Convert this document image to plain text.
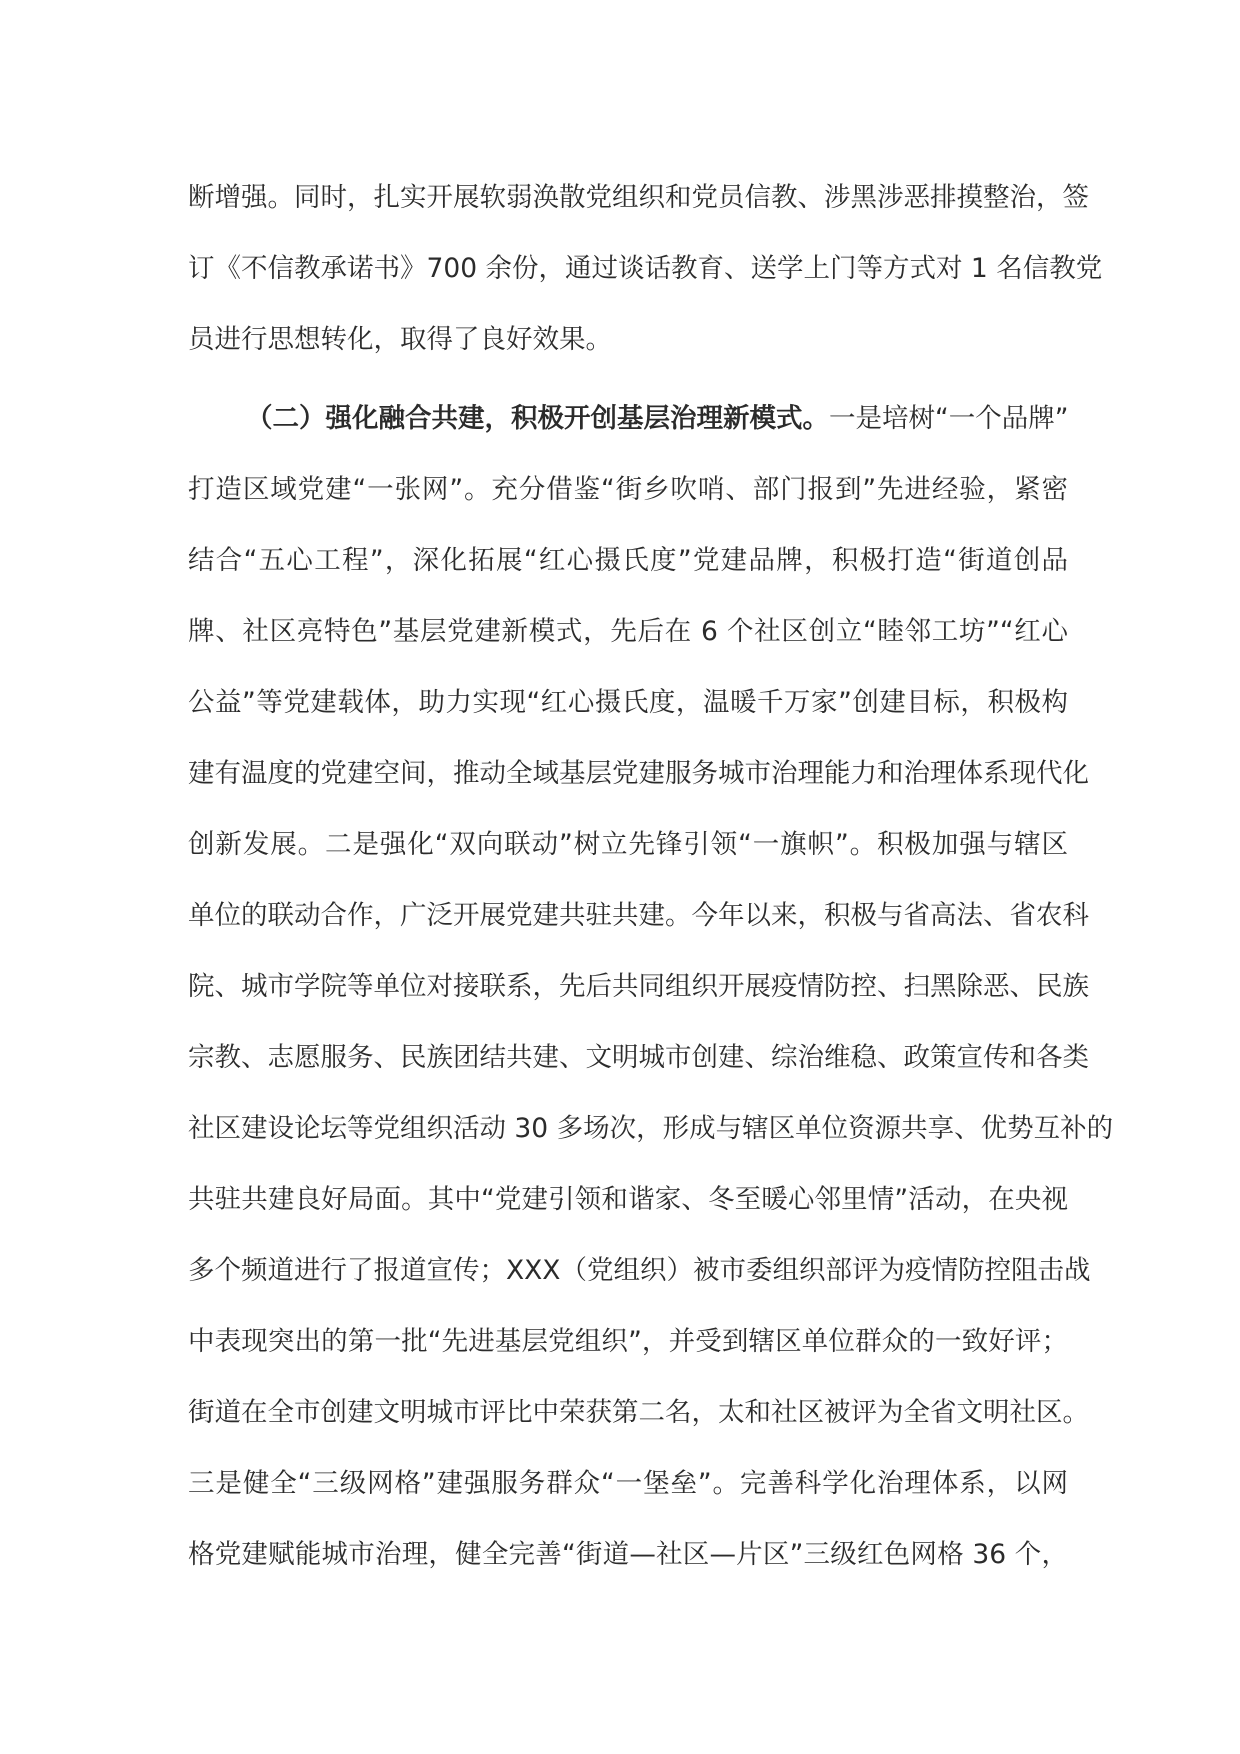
断增强。同时，扎实开展软弱涣散党组织和党员信教、涉黑涉恶排摸整治，签
订《不信教承诺书》700 余份，通过谈话教育、送学上门等方式对 1 名信教党
员进行思想转化，取得了良好效果。
（二）强化融合共建，积极开创基层治理新模式。一是培树“一个品牌”
打造区域党建“一张网”。充分借鉴“街乡吹哨、部门报到”先进经验，紧密
结合“五心工程”，深化拓展“红心摄氏度”党建品牌，积极打造“街道创品
牌、社区亮特色”基层党建新模式，先后在 6 个社区创立“睦邻工坊”“红心
公益”等党建载体，助力实现“红心摄氏度，温暖千万家”创建目标，积极构
建有温度的党建空间，推动全域基层党建服务城市治理能力和治理体系现代化
创新发展。二是强化“双向联动”树立先锋引领“一旗帜”。积极加强与辖区
单位的联动合作，广泛开展党建共驻共建。今年以来，积极与省高法、省农科
院、城市学院等单位对接联系，先后共同组织开展疫情防控、扫黑除恶、民族
宗教、志愿服务、民族团结共建、文明城市创建、综治维稳、政策宣传和各类
社区建设论坛等党组织活动 30 多场次，形成与辖区单位资源共享、优势互补的
共驻共建良好局面。其中“党建引领和谐家、冬至暖心邻里情”活动，在央视
多个频道进行了报道宣传；XXX（党组织）被市委组织部评为疫情防控阻击战
中表现突出的第一批“先进基层党组织”，并受到辖区单位群众的一致好评；
街道在全市创建文明城市评比中荣获第二名，太和社区被评为全省文明社区。
三是健全“三级网格”建强服务群众“一堡垒”。完善科学化治理体系，以网
格党建赋能城市治理，健全完善“街道—社区—片区”三级红色网格 36 个，
